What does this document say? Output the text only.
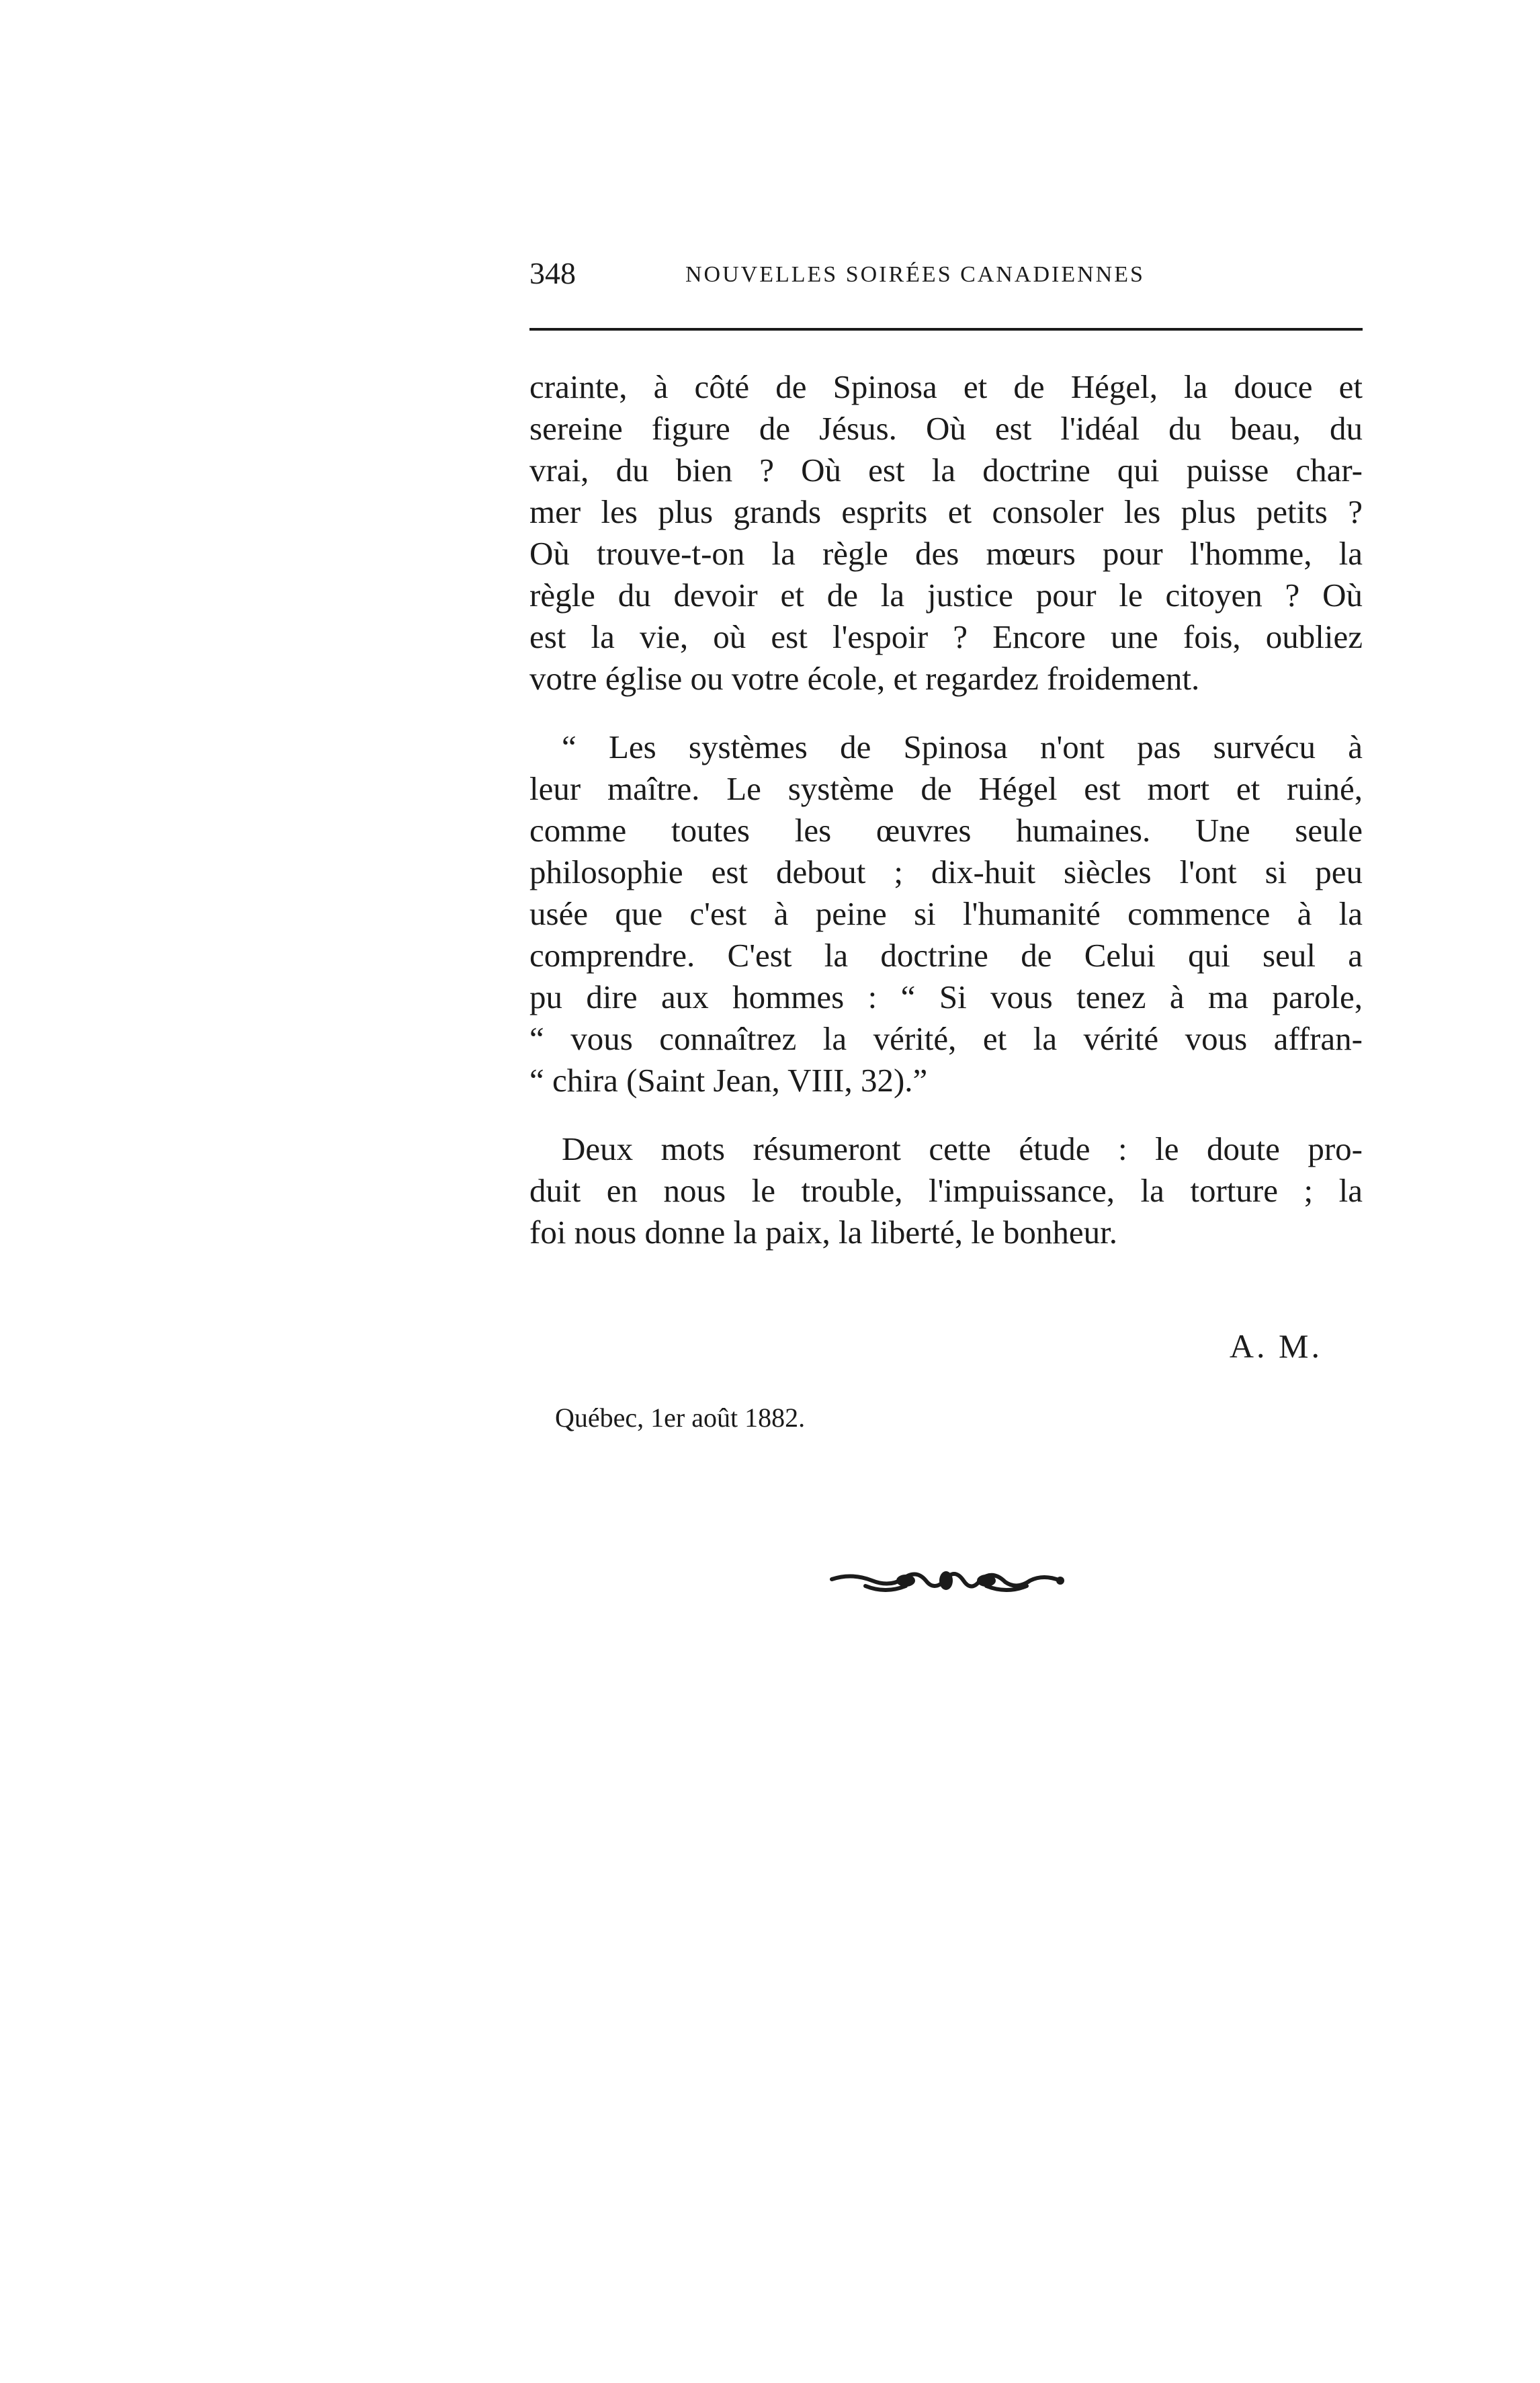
348	NOUVELLES SOIRÉES CANADIENNES
crainte, à côté de Spinosa et de Hégel, la douce et
sereine figure de Jésus. Où est l'idéal du beau, du
vrai, du bien ? Où est la doctrine qui puisse char-
mer les plus grands esprits et consoler les plus petits ?
Où trouve-t-on la règle des mœurs pour l'homme, la
règle du devoir et de la justice pour le citoyen ? Où
est la vie, où est l'espoir ? Encore une fois, oubliez
votre église ou votre école, et regardez froidement.
“ Les systèmes de Spinosa n'ont pas survécu à
leur maître. Le système de Hégel est mort et ruiné,
comme toutes les œuvres humaines. Une seule
philosophie est debout ; dix-huit siècles l'ont si peu
usée que c'est à peine si l'humanité commence à la
comprendre. C'est la doctrine de Celui qui seul a
pu dire aux hommes : “ Si vous tenez à ma parole,
“ vous connaîtrez la vérité, et la vérité vous affran-
“ chira (Saint Jean, VIII, 32).”
Deux mots résumeront cette étude : le doute pro-
duit en nous le trouble, l'impuissance, la torture ; la
foi nous donne la paix, la liberté, le bonheur.
A. M.
Québec, 1er août 1882.
